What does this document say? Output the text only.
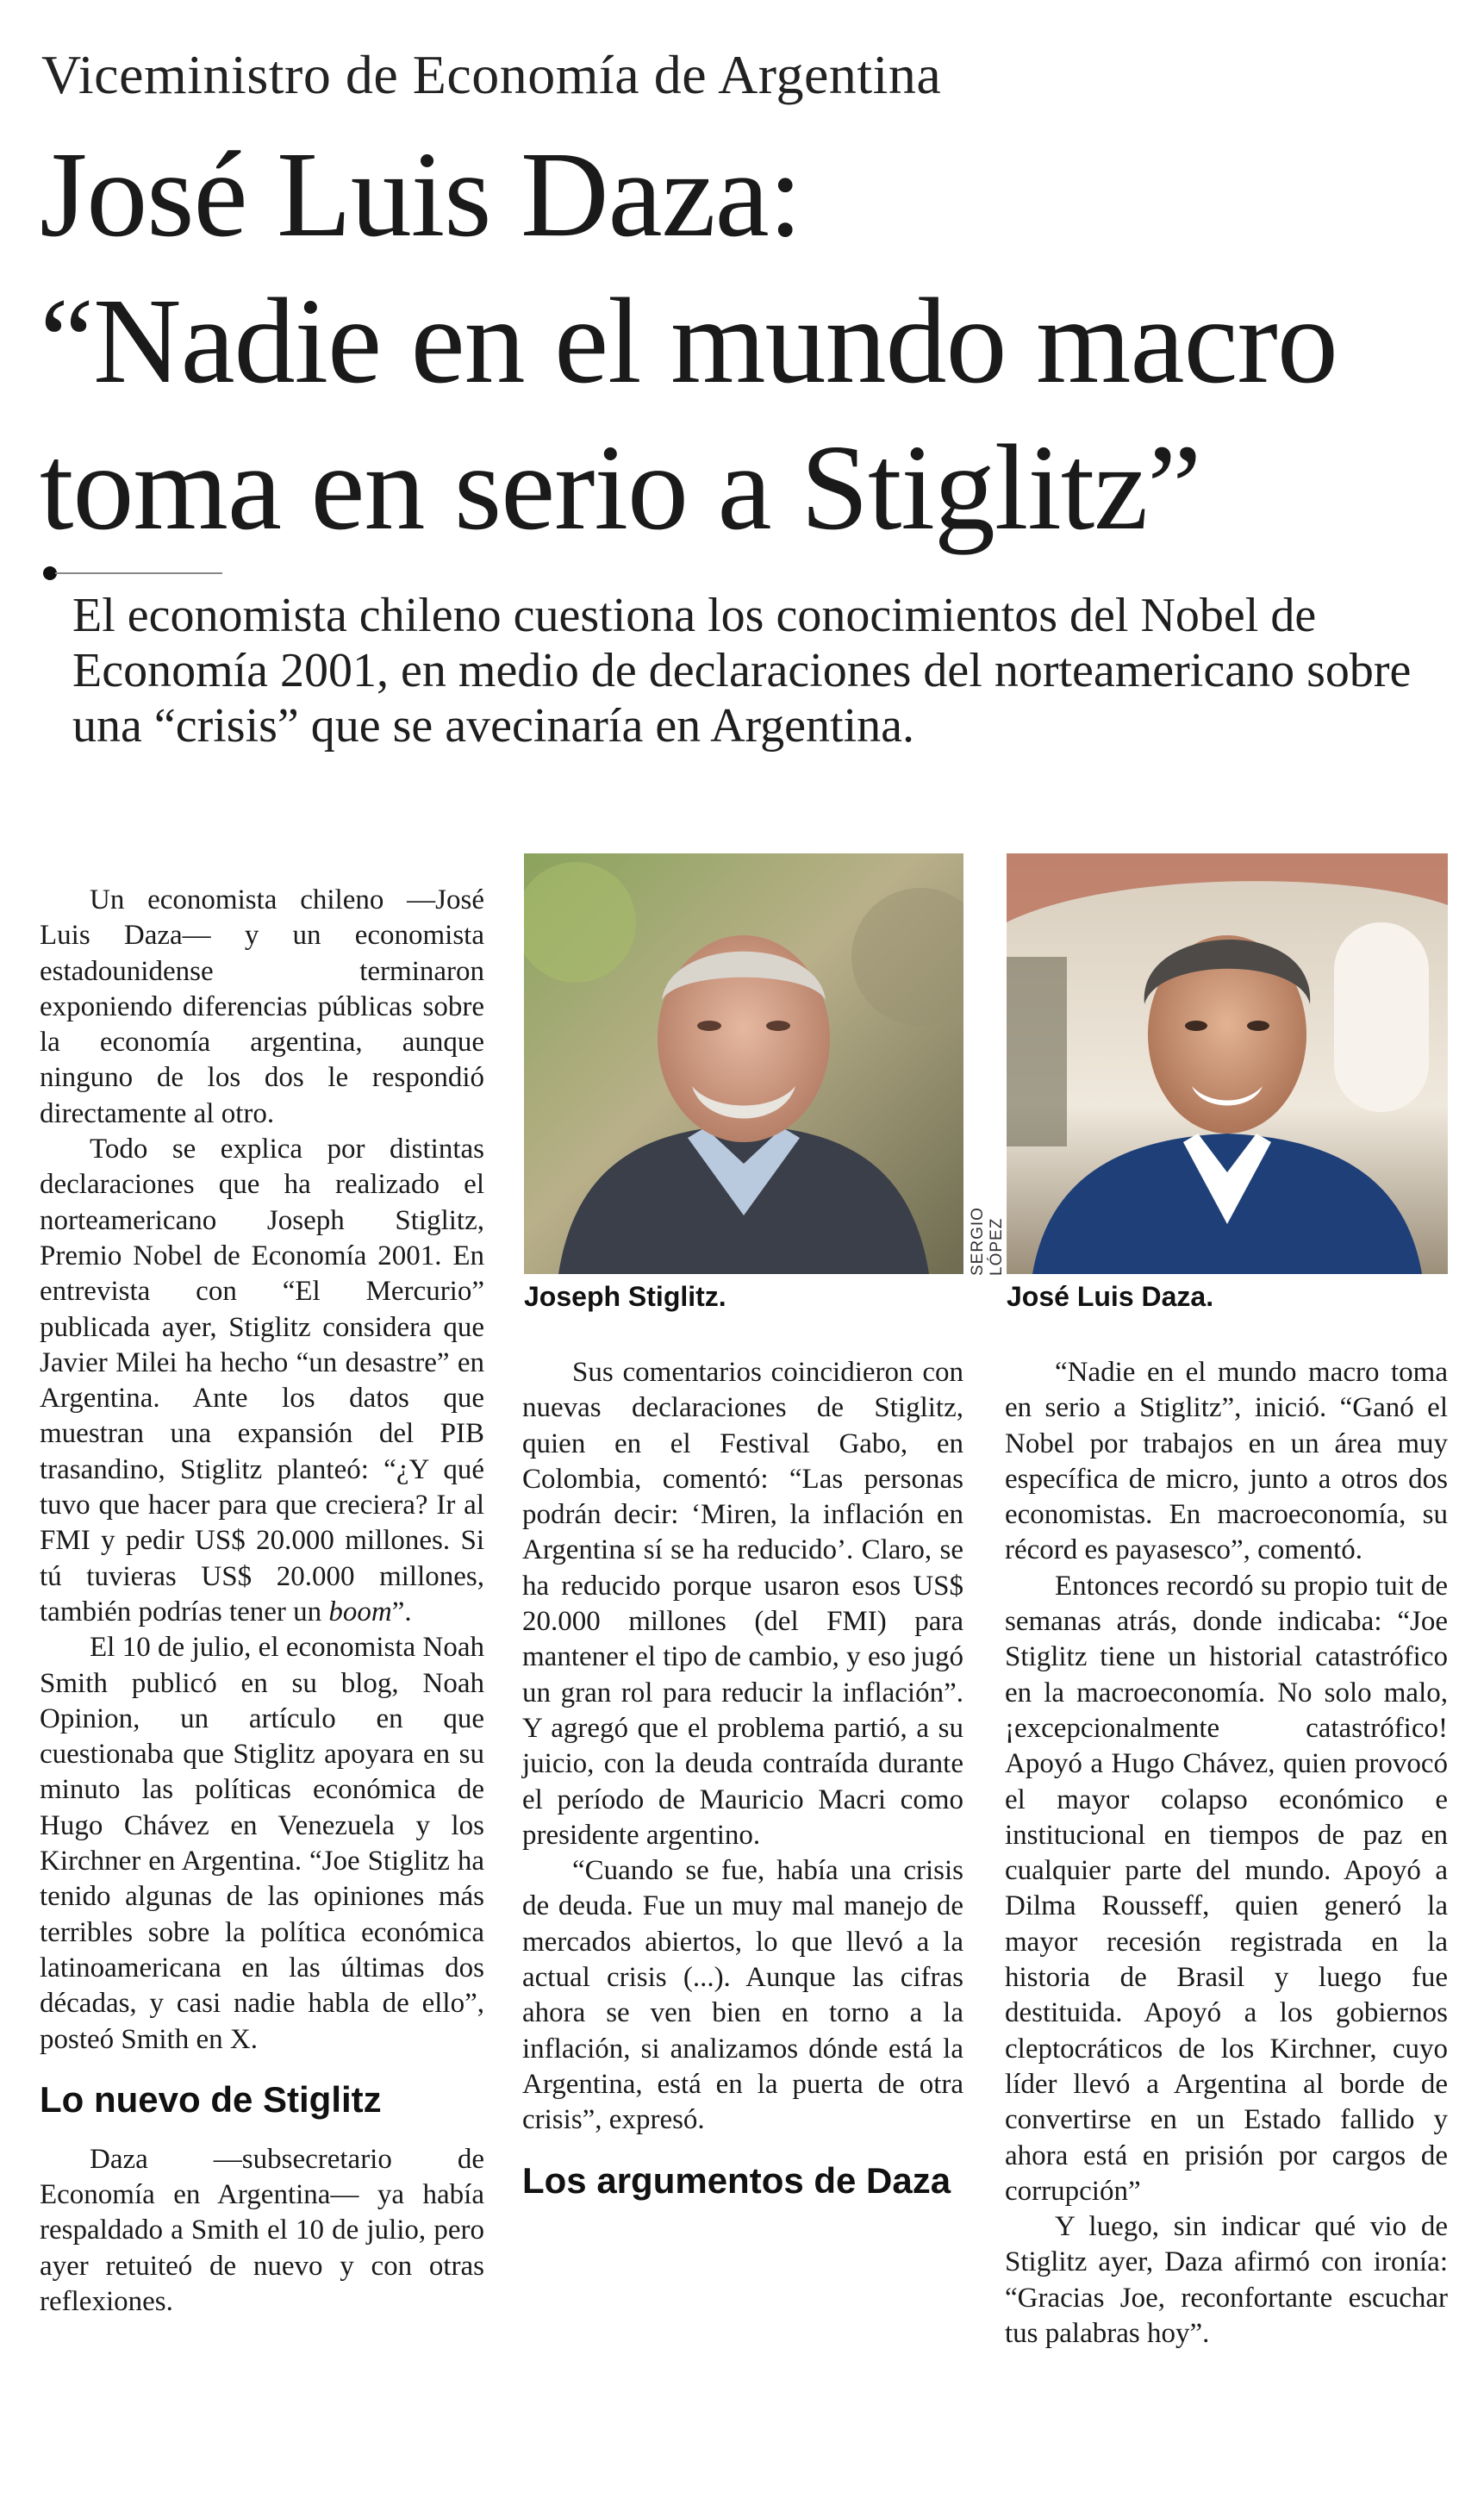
Viceministro de Economía de Argentina
José Luis Daza:
“Nadie en el mundo macro
toma en serio a Stiglitz”
El economista chileno cuestiona los conocimientos del Nobel de Economía 2001, en medio de declaraciones del norteamericano sobre una “crisis” que se avecinaría en Argentina.
SERGIO LÓPEZ
Joseph Stiglitz.	José Luis Daza.

Un economista chileno —José Luis Daza— y un economista estadounidense terminaron exponiendo diferencias públicas sobre la economía argentina, aunque ninguno de los dos le respondió directamente al otro.

Todo se explica por distintas declaraciones que ha realizado el norteamericano Joseph Stiglitz, Premio Nobel de Economía 2001. En entrevista con “El Mercurio” publicada ayer, Stiglitz considera que Javier Milei ha hecho “un desastre” en Argentina. Ante los datos que muestran una expansión del PIB trasandino, Stiglitz planteó: “¿Y qué tuvo que hacer para que creciera? Ir al FMI y pedir US$ 20.000 millones. Si tú tuvieras US$ 20.000 millones, también podrías tener un boom”.

El 10 de julio, el economista Noah Smith publicó en su blog, Noah Opinion, un artículo en que cuestionaba que Stiglitz apoyara en su minuto las políticas económica de Hugo Chávez en Venezuela y los Kirchner en Argentina. “Joe Stiglitz ha tenido algunas de las opiniones más terribles sobre la política económica latinoamericana en las últimas dos décadas, y casi nadie habla de ello”, posteó Smith en X.

Lo nuevo de Stiglitz

Daza —subsecretario de Economía en Argentina— ya había respaldado a Smith el 10 de julio, pero ayer retuiteó de nuevo y con otras reflexiones.

Sus comentarios coincidieron con nuevas declaraciones de Stiglitz, quien en el Festival Gabo, en Colombia, comentó: “Las personas podrán decir: ‘Miren, la inflación en Argentina sí se ha reducido’. Claro, se ha reducido porque usaron esos US$ 20.000 millones (del FMI) para mantener el tipo de cambio, y eso jugó un gran rol para reducir la inflación”. Y agregó que el problema partió, a su juicio, con la deuda contraída durante el período de Mauricio Macri como presidente argentino.

“Cuando se fue, había una crisis de deuda. Fue un muy mal manejo de mercados abiertos, lo que llevó a la actual crisis (...). Aunque las cifras ahora se ven bien en torno a la inflación, si analizamos dónde está la Argentina, está en la puerta de otra crisis”, expresó.

Los argumentos de Daza

“Nadie en el mundo macro toma en serio a Stiglitz”, inició. “Ganó el Nobel por trabajos en un área muy específica de micro, junto a otros dos economistas. En macroeconomía, su récord es payasesco”, comentó.

Entonces recordó su propio tuit de semanas atrás, donde indicaba: “Joe Stiglitz tiene un historial catastrófico en la macroeconomía. No solo malo, ¡excepcionalmente catastrófico! Apoyó a Hugo Chávez, quien provocó el mayor colapso económico e institucional en tiempos de paz en cualquier parte del mundo. Apoyó a Dilma Rousseff, quien generó la mayor recesión registrada en la historia de Brasil y luego fue destituida. Apoyó a los gobiernos cleptocráticos de los Kirchner, cuyo líder llevó a Argentina al borde de convertirse en un Estado fallido y ahora está en prisión por cargos de corrupción”

Y luego, sin indicar qué vio de Stiglitz ayer, Daza afirmó con ironía: “Gracias Joe, reconfortante escuchar tus palabras hoy”.
